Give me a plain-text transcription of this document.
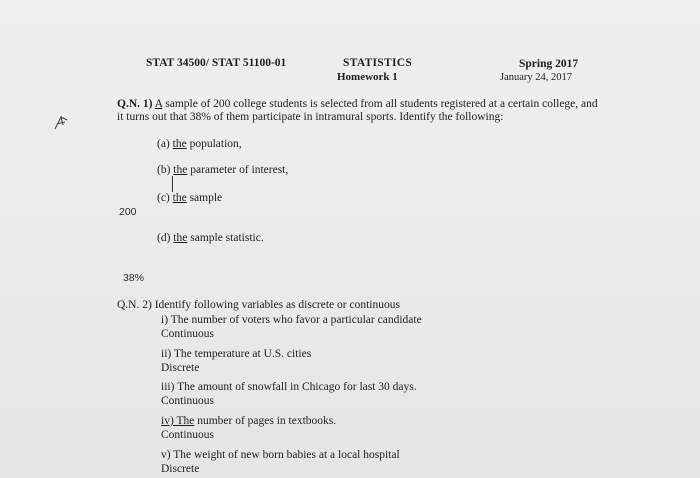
STAT 34500/ STAT 51100-01	STATISTICS
Homework 1
Spring 2017
January 24, 2017
Q.N. 1) A sample of 200 college students is selected from all students registered at a certain college, and
it turns out that 38% of them participate in intramural sports. Identify the following:
(a) the population,
(b) the parameter of interest,
(c) the sample
200
(d) the sample statistic.
38%
Q.N. 2) Identify following variables as discrete or continuous
i) The number of voters who favor a particular candidate
Continuous
ii) The temperature at U.S. cities
Discrete
iii) The amount of snowfall in Chicago for last 30 days.
Continuous
iv) The number of pages in textbooks.
Continuous
v) The weight of new born babies at a local hospital
Discrete
